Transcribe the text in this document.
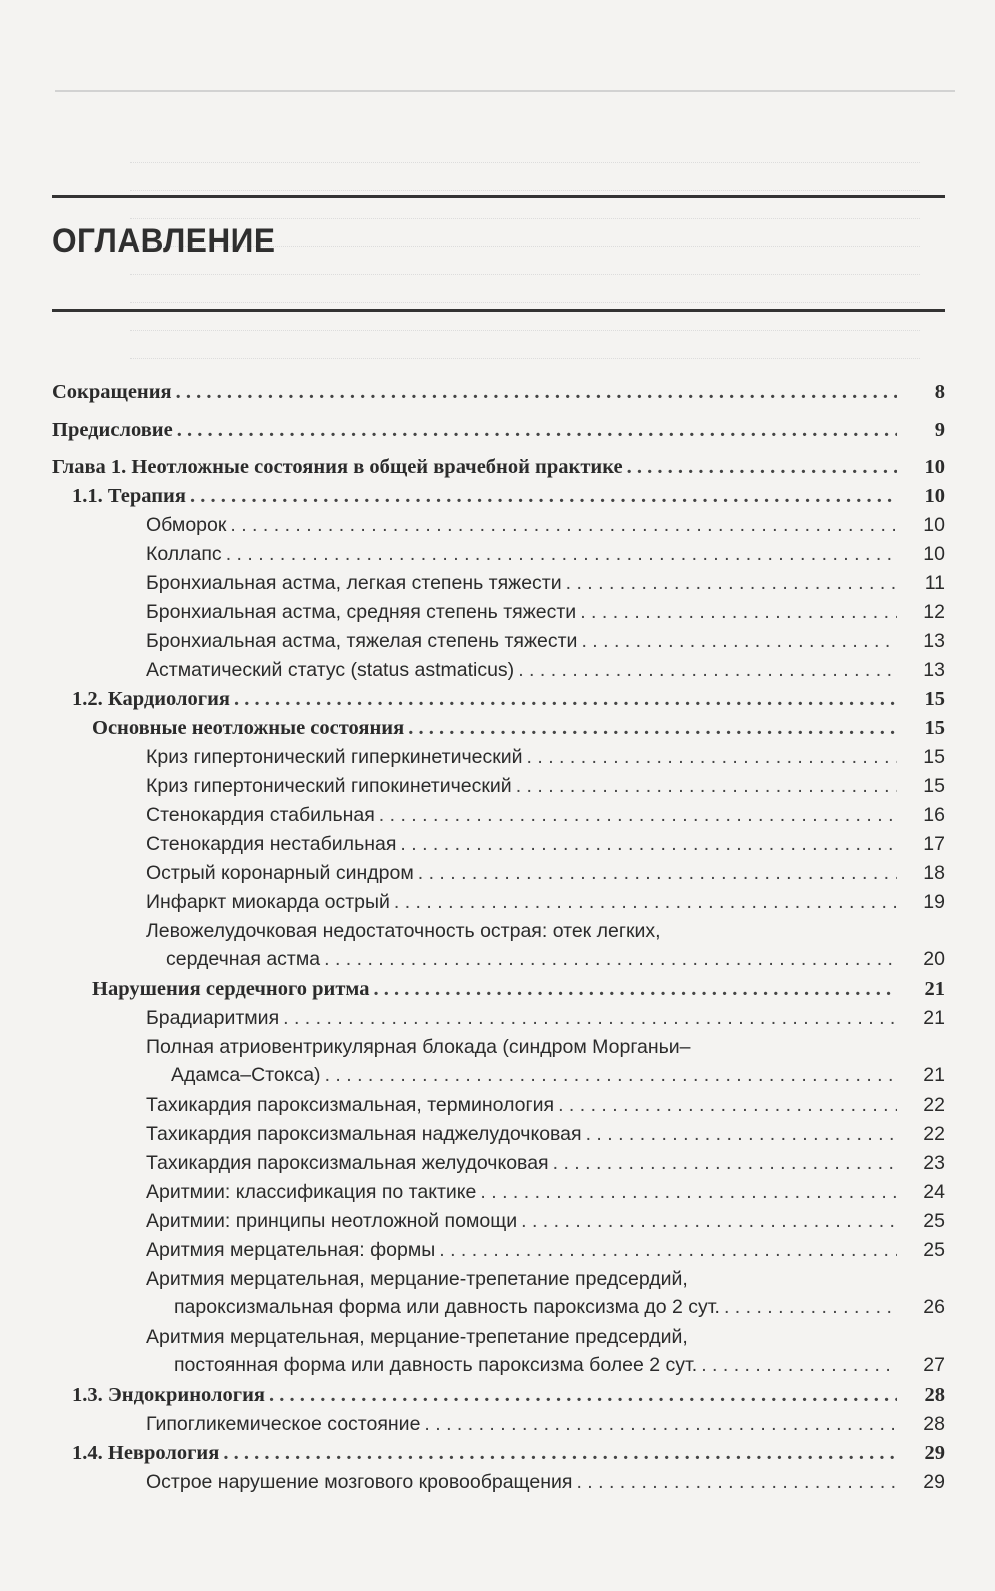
ОГЛАВЛЕНИЕ
Сокращения . . .	8
Предисловие . . .	9
Глава 1. Неотложные состояния в общей врачебной практике . . .	10
1.1. Терапия . . .	10
Обморок . . .	10
Коллапс . . .	10
Бронхиальная астма, легкая степень тяжести . . .	11
Бронхиальная астма, средняя степень тяжести . . .	12
Бронхиальная астма, тяжелая степень тяжести . . .	13
Астматический статус (status astmaticus) . . .	13
1.2. Кардиология . . .	15
Основные неотложные состояния . . .	15
Криз гипертонический гиперкинетический . . .	15
Криз гипертонический гипокинетический . . .	15
Стенокардия стабильная . . .	16
Стенокардия нестабильная . . .	17
Острый коронарный синдром . . .	18
Инфаркт миокарда острый . . .	19
Левожелудочковая недостаточность острая: отек легких,
сердечная астма . . .	20
Нарушения сердечного ритма . . .	21
Брадиаритмия . . .	21
Полная атриовентрикулярная блокада (синдром Морганьи–
Адамса–Стокса) . . .	21
Тахикардия пароксизмальная, терминология . . .	22
Тахикардия пароксизмальная наджелудочковая . . .	22
Тахикардия пароксизмальная желудочковая . . .	23
Аритмии: классификация по тактике . . .	24
Аритмии: принципы неотложной помощи . . .	25
Аритмия мерцательная: формы . . .	25
Аритмия мерцательная, мерцание-трепетание предсердий,
пароксизмальная форма или давность пароксизма до 2 сут. . . .	26
Аритмия мерцательная, мерцание-трепетание предсердий,
постоянная форма или давность пароксизма более 2 сут. . . .	27
1.3. Эндокринология . . .	28
Гипогликемическое состояние . . .	28
1.4. Неврология . . .	29
Острое нарушение мозгового кровообращения . . .	29
